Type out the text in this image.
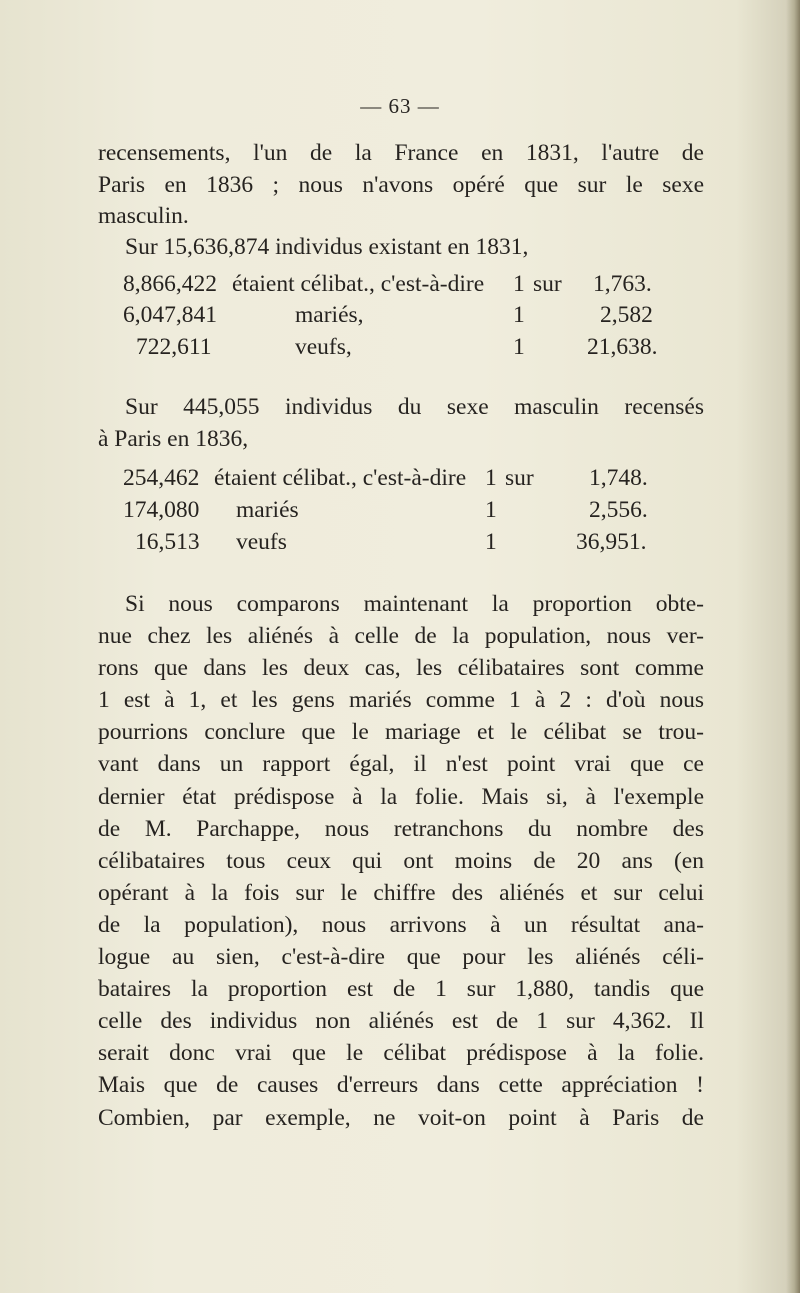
— 63 —
recensements, l'un de la France en 1831, l'autre de
Paris en 1836 ; nous n'avons opéré que sur le sexe
masculin.
Sur 15,636,874 individus existant en 1831,
8,866,422 étaient célibat., c'est-à-dire 1 sur 1,763.
6,047,841	mariés,	1	2,582
722,611	veufs,	1	21,638.
Sur 445,055 individus du sexe masculin recensés
à Paris en 1836,
254,462 étaient célibat., c'est-à-dire 1 sur 1,748.
174,080 mariés	1	2,556.
16,513 veufs	1	36,951.
Si nous comparons maintenant la proportion obte-
nue chez les aliénés à celle de la population, nous ver-
rons que dans les deux cas, les célibataires sont comme
1 est à 1, et les gens mariés comme 1 à 2 : d'où nous
pourrions conclure que le mariage et le célibat se trou-
vant dans un rapport égal, il n'est point vrai que ce
dernier état prédispose à la folie. Mais si, à l'exemple
de M. Parchappe, nous retranchons du nombre des
célibataires tous ceux qui ont moins de 20 ans (en
opérant à la fois sur le chiffre des aliénés et sur celui
de la population), nous arrivons à un résultat ana-
logue au sien, c'est-à-dire que pour les aliénés céli-
bataires la proportion est de 1 sur 1,880, tandis que
celle des individus non aliénés est de 1 sur 4,362. Il
serait donc vrai que le célibat prédispose à la folie.
Mais que de causes d'erreurs dans cette appréciation !
Combien, par exemple, ne voit-on point à Paris de
